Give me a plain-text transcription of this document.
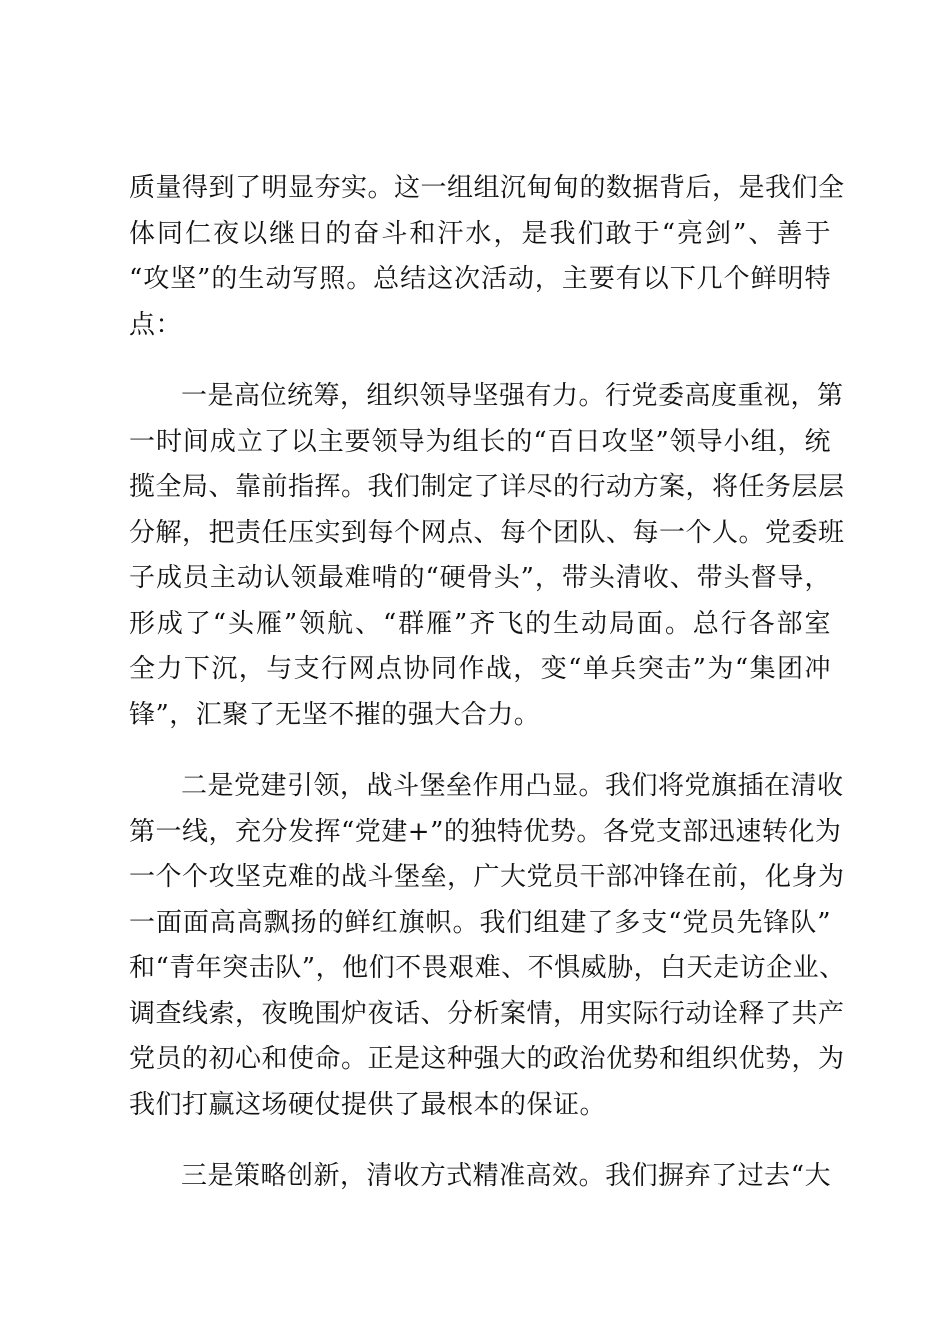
质量得到了明显夯实。这一组组沉甸甸的数据背后，是我们全
体同仁夜以继日的奋斗和汗水，是我们敢于“亮剑”、善于
“攻坚”的生动写照。总结这次活动，主要有以下几个鲜明特
点：
一是高位统筹，组织领导坚强有力。行党委高度重视，第
一时间成立了以主要领导为组长的“百日攻坚”领导小组，统
揽全局、靠前指挥。我们制定了详尽的行动方案，将任务层层
分解，把责任压实到每个网点、每个团队、每一个人。党委班
子成员主动认领最难啃的“硬骨头”，带头清收、带头督导，
形成了“头雁”领航、“群雁”齐飞的生动局面。总行各部室
全力下沉，与支行网点协同作战，变“单兵突击”为“集团冲
锋”，汇聚了无坚不摧的强大合力。
二是党建引领，战斗堡垒作用凸显。我们将党旗插在清收
第一线，充分发挥“党建+”的独特优势。各党支部迅速转化为
一个个攻坚克难的战斗堡垒，广大党员干部冲锋在前，化身为
一面面高高飘扬的鲜红旗帜。我们组建了多支“党员先锋队”
和“青年突击队”，他们不畏艰难、不惧威胁，白天走访企业、
调查线索，夜晚围炉夜话、分析案情，用实际行动诠释了共产
党员的初心和使命。正是这种强大的政治优势和组织优势，为
我们打赢这场硬仗提供了最根本的保证。
三是策略创新，清收方式精准高效。我们摒弃了过去“大
